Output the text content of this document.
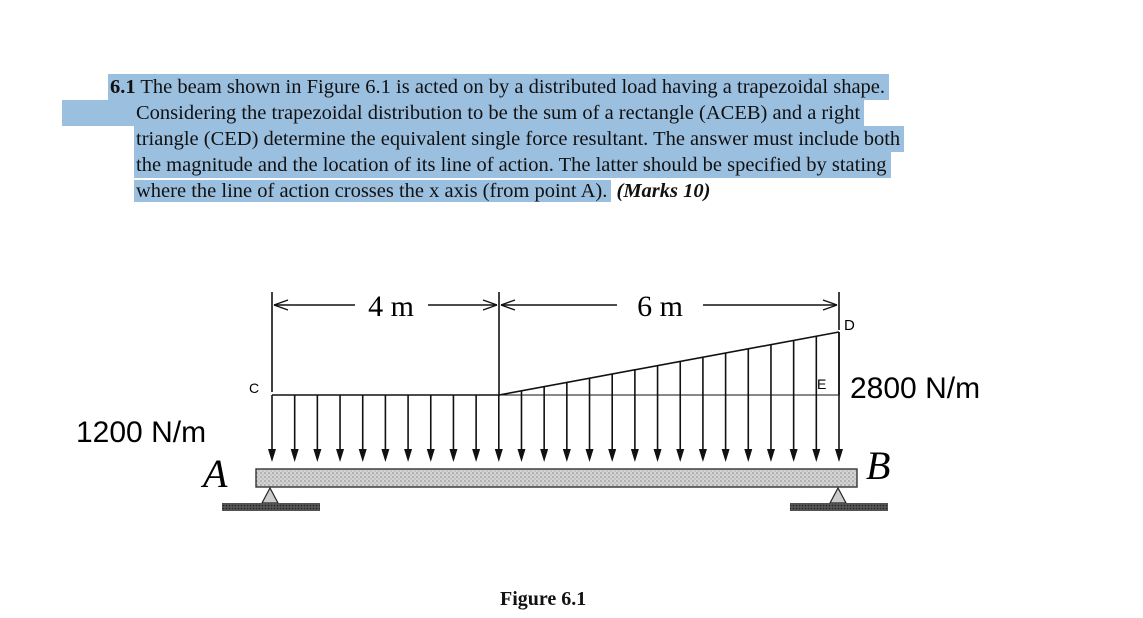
6.1 The beam shown in Figure 6.1 is acted on by a distributed load having a trapezoidal shape.
Considering the trapezoidal distribution to be the sum of a rectangle (ACEB) and a right
triangle (CED) determine the equivalent single force resultant. The answer must include both
the magnitude and the location of its line of action. The latter should be specified by stating
where the line of action crosses the x axis (from point A). (Marks 10)
4 m	6 m
C
D
E
1200 N/m
2800 N/m
A	B
Figure 6.1
